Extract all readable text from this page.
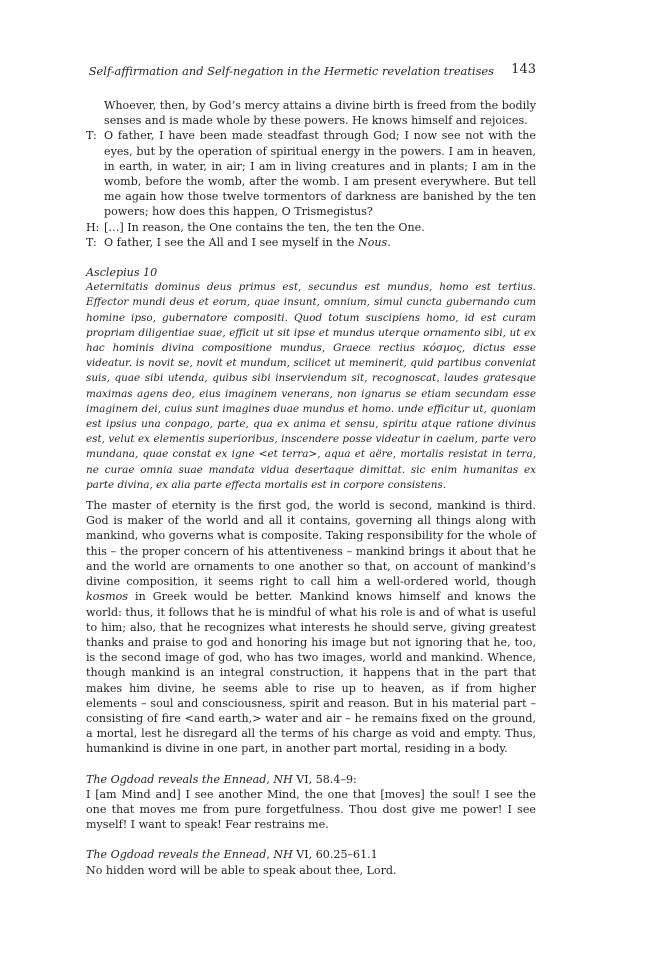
Self-affirmation and Self-negation in the Hermetic revelation treatises 143

Whoever, then, by God’s mercy attains a divine birth is freed from the bodily senses and is made whole by these powers. He knows himself and rejoices.

T: O father, I have been made steadfast through God; I now see not with the eyes, but by the operation of spiritual energy in the powers. I am in heaven, in earth, in water, in air; I am in living creatures and in plants; I am in the womb, before the womb, after the womb. I am present everywhere. But tell me again how those twelve tormentors of darkness are banished by the ten powers; how does this happen, O Trismegistus?
H: […] In reason, the One contains the ten, the ten the One.
T: O father, I see the All and I see myself in the Nous.

Asclepius 10

Aeternitatis dominus deus primus est, secundus est mundus, homo est tertius. Effector mundi deus et eorum, quae insunt, omnium, simul cuncta gubernando cum homine ipso, gubernatore compositi. Quod totum suscipiens homo, id est curam propriam diligentiae suae, efficit ut sit ipse et mundus uterque ornamento sibi, ut ex hac hominis divina compositione mundus, Graece rectius κόσμος, dictus esse videatur. is novit se, novit et mundum, scilicet ut meminerit, quid partibus conveniat suis, quae sibi utenda, quibus sibi inserviendum sit, recognoscat, laudes gratesque maximas agens deo, eius imaginem venerans, non ignarus se etiam secundam esse imaginem dei, cuius sunt imagines duae mundus et homo. unde efficitur ut, quoniam est ipsius una conpago, parte, qua ex anima et sensu, spiritu atque ratione divinus est, velut ex elementis superioribus, inscendere posse videatur in caelum, parte vero mundana, quae constat ex igne <et terra>, aqua et aëre, mortalis resistat in terra, ne curae omnia suae mandata vidua desertaque dimittat. sic enim humanitas ex parte divina, ex alia parte effecta mortalis est in corpore consistens.

The master of eternity is the first god, the world is second, mankind is third. God is maker of the world and all it contains, governing all things along with mankind, who governs what is composite. Taking responsibility for the whole of this – the proper concern of his attentiveness – mankind brings it about that he and the world are ornaments to one another so that, on account of mankind’s divine composition, it seems right to call him a well-ordered world, though kosmos in Greek would be better. Mankind knows himself and knows the world: thus, it follows that he is mindful of what his role is and of what is useful to him; also, that he recognizes what interests he should serve, giving greatest thanks and praise to god and honoring his image but not ignoring that he, too, is the second image of god, who has two images, world and mankind. Whence, though mankind is an integral construction, it happens that in the part that makes him divine, he seems able to rise up to heaven, as if from higher elements – soul and consciousness, spirit and reason. But in his material part – consisting of fire <and earth,> water and air – he remains fixed on the ground, a mortal, lest he disregard all the terms of his charge as void and empty. Thus, humankind is divine in one part, in another part mortal, residing in a body.

The Ogdoad reveals the Ennead, NH VI, 58.4–9:

I [am Mind and] I see another Mind, the one that [moves] the soul! I see the one that moves me from pure forgetfulness. Thou dost give me power! I see myself! I want to speak! Fear restrains me.

The Ogdoad reveals the Ennead, NH VI, 60.25–61.1

No hidden word will be able to speak about thee, Lord.
